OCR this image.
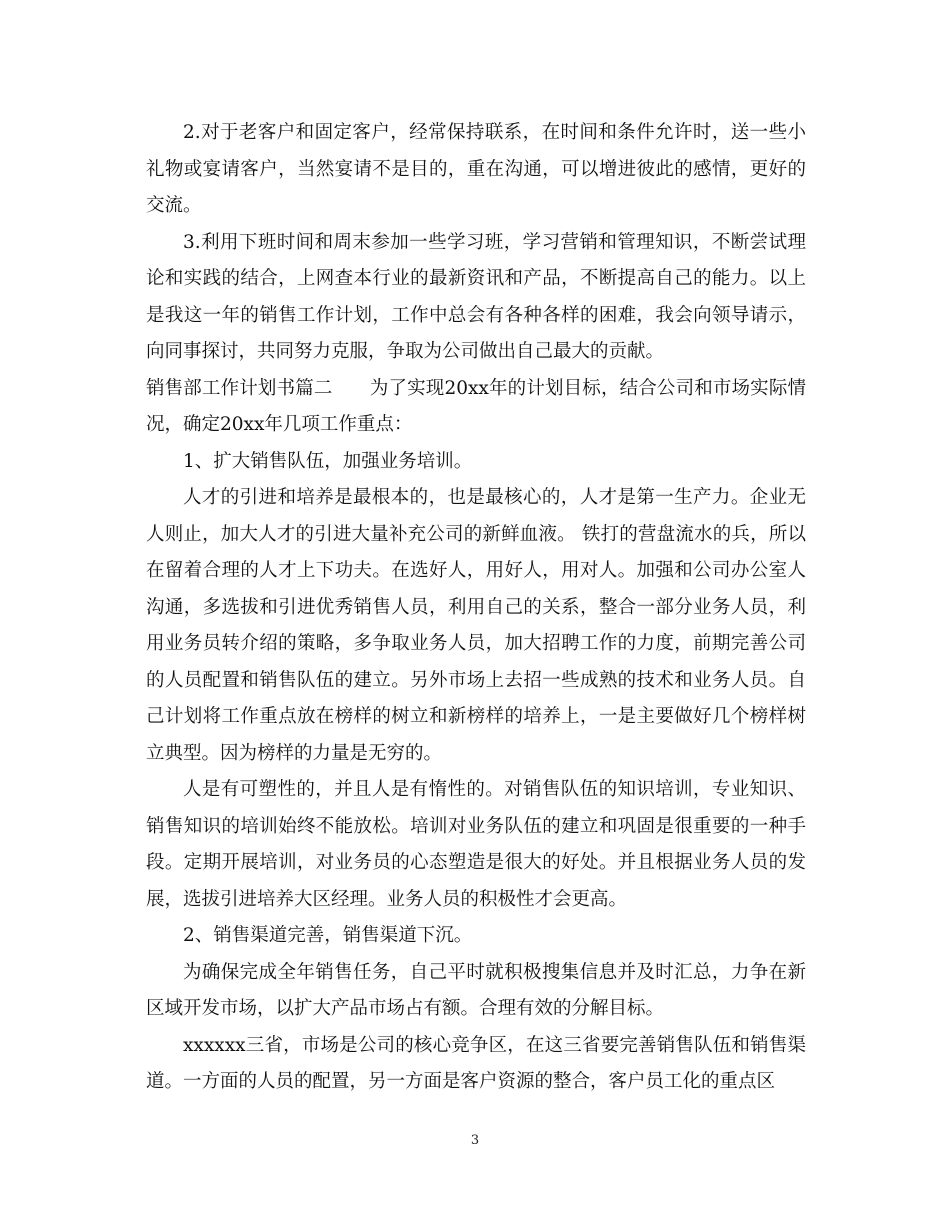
2.对于老客户和固定客户，经常保持联系，在时间和条件允许时，送一些小礼物或宴请客户，当然宴请不是目的，重在沟通，可以增进彼此的感情，更好的交流。

3.利用下班时间和周末参加一些学习班，学习营销和管理知识，不断尝试理论和实践的结合，上网查本行业的最新资讯和产品，不断提高自己的能力。以上是我这一年的销售工作计划，工作中总会有各种各样的困难，我会向领导请示，向同事探讨，共同努力克服，争取为公司做出自己最大的贡献。

销售部工作计划书篇二　　为了实现20xx年的计划目标，结合公司和市场实际情况，确定20xx年几项工作重点：

1、扩大销售队伍，加强业务培训。

人才的引进和培养是最根本的，也是最核心的，人才是第一生产力。企业无人则止，加大人才的引进大量补充公司的新鲜血液。 铁打的营盘流水的兵，所以在留着合理的人才上下功夫。在选好人，用好人，用对人。加强和公司办公室人沟通，多选拔和引进优秀销售人员，利用自己的关系，整合一部分业务人员，利用业务员转介绍的策略，多争取业务人员，加大招聘工作的力度，前期完善公司的人员配置和销售队伍的建立。另外市场上去招一些成熟的技术和业务人员。自己计划将工作重点放在榜样的树立和新榜样的培养上，一是主要做好几个榜样树立典型。因为榜样的力量是无穷的。

人是有可塑性的，并且人是有惰性的。对销售队伍的知识培训，专业知识、销售知识的培训始终不能放松。培训对业务队伍的建立和巩固是很重要的一种手段。定期开展培训，对业务员的心态塑造是很大的好处。并且根据业务人员的发展，选拔引进培养大区经理。业务人员的积极性才会更高。

2、销售渠道完善，销售渠道下沉。

为确保完成全年销售任务，自己平时就积极搜集信息并及时汇总，力争在新区域开发市场，以扩大产品市场占有额。合理有效的分解目标。

xxxxxx三省，市场是公司的核心竞争区，在这三省要完善销售队伍和销售渠道。一方面的人员的配置，另一方面是客户资源的整合，客户员工化的重点区

3
